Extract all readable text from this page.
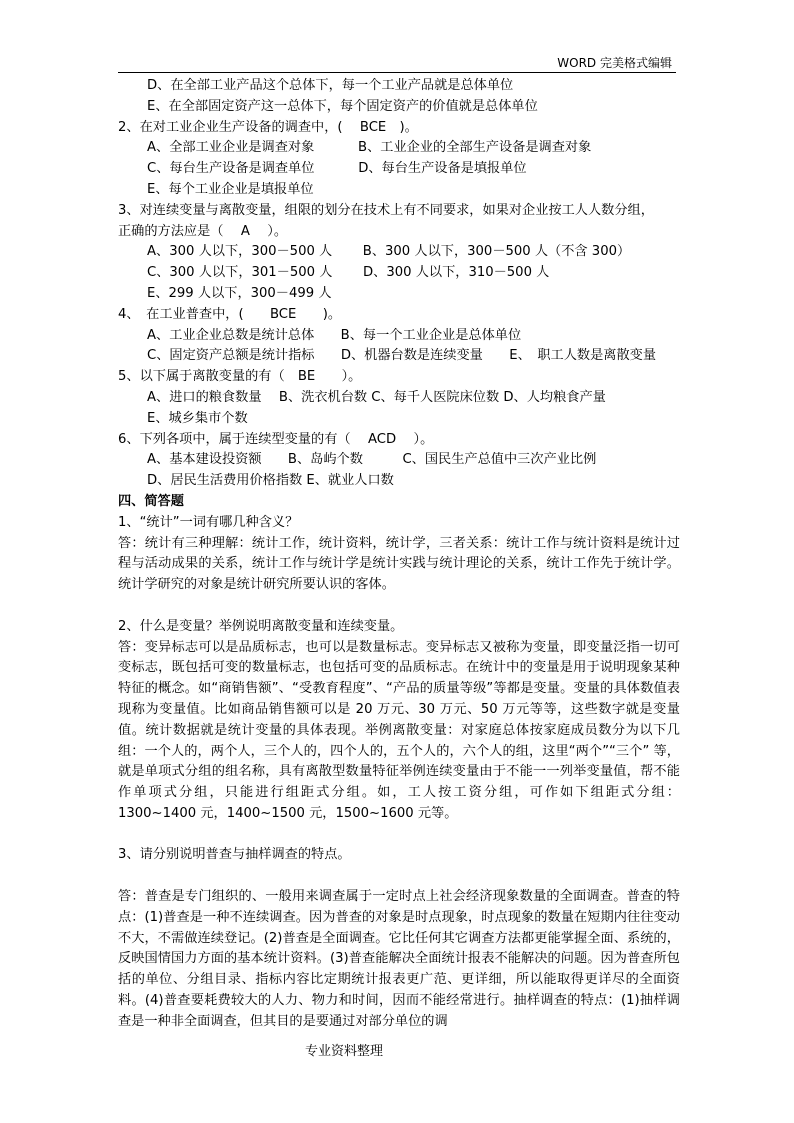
WORD 完美格式编辑
D、在全部工业产品这个总体下，每一个工业产品就是总体单位
E、在全部固定资产这一总体下，每个固定资产的价值就是总体单位
2、在对工业企业生产设备的调查中，(　 BCE　)。
A、全部工业企业是调查对象　　　 B、工业企业的全部生产设备是调查对象
C、每台生产设备是调查单位　　　 D、每台生产设备是填报单位
E、每个工业企业是填报单位
3、对连续变量与离散变量，组限的划分在技术上有不同要求，如果对企业按工人人数分组，
正确的方法应是（　 A　 ）。
A、300 人以下，300－500 人　　 B、300 人以下，300－500 人（不含 300）
C、300 人以下，301－500 人　　 D、300 人以下，310－500 人
E、299 人以下，300－499 人
4、　在工业普查中，(　　BCE　　)。
A、工业企业总数是统计总体　　B、每一个工业企业是总体单位
C、固定资产总额是统计指标　　D、机器台数是连续变量　　E、　职工人数是离散变量
5、以下属于离散变量的有（　BE　　）。
A、进口的粮食数量　 B、洗衣机台数 C、每千人医院床位数 D、人均粮食产量
E、城乡集市个数
6、下列各项中，属于连续型变量的有（　 ACD　 ）。
A、基本建设投资额　　B、岛屿个数　　　C、国民生产总值中三次产业比例
D、居民生活费用价格指数 E、就业人口数
四、简答题
1、“统计”一词有哪几种含义？
答：统计有三种理解：统计工作，统计资料，统计学，三者关系：统计工作与统计资料是统计过程与活动成果的关系，统计工作与统计学是统计实践与统计理论的关系，统计工作先于统计学。统计学研究的对象是统计研究所要认识的客体。
2、什么是变量？举例说明离散变量和连续变量。
答：变异标志可以是品质标志，也可以是数量标志。变异标志又被称为变量，即变量泛指一切可变标志，既包括可变的数量标志，也包括可变的品质标志。在统计中的变量是用于说明现象某种特征的概念。如“商销售额”、“受教育程度”、“产品的质量等级”等都是变量。变量的具体数值表现称为变量值。比如商品销售额可以是 20 万元、30 万元、50 万元等等，这些数字就是变量值。统计数据就是统计变量的具体表现。举例离散变量：对家庭总体按家庭成员数分为以下几组：一个人的，两个人，三个人的，四个人的，五个人的，六个人的组，这里“两个”“三个” 等，就是单项式分组的组名称，具有离散型数量特征举例连续变量由于不能一一列举变量值，帮不能作单项式分组，只能进行组距式分组。如，工人按工资分组，可作如下组距式分组：1300~1400 元，1400~1500 元，1500~1600 元等。
3、请分别说明普查与抽样调查的特点。
答：普查是专门组织的、一般用来调查属于一定时点上社会经济现象数量的全面调查。普查的特点：(1)普查是一种不连续调查。因为普查的对象是时点现象，时点现象的数量在短期内往往变动不大，不需做连续登记。(2)普查是全面调查。它比任何其它调查方法都更能掌握全面、系统的，反映国情国力方面的基本统计资料。(3)普查能解决全面统计报表不能解决的问题。因为普查所包括的单位、分组目录、指标内容比定期统计报表更广范、更详细，所以能取得更详尽的全面资料。(4)普查要耗费较大的人力、物力和时间，因而不能经常进行。抽样调查的特点：(1)抽样调查是一种非全面调查，但其目的是要通过对部分单位的调
专业资料整理
